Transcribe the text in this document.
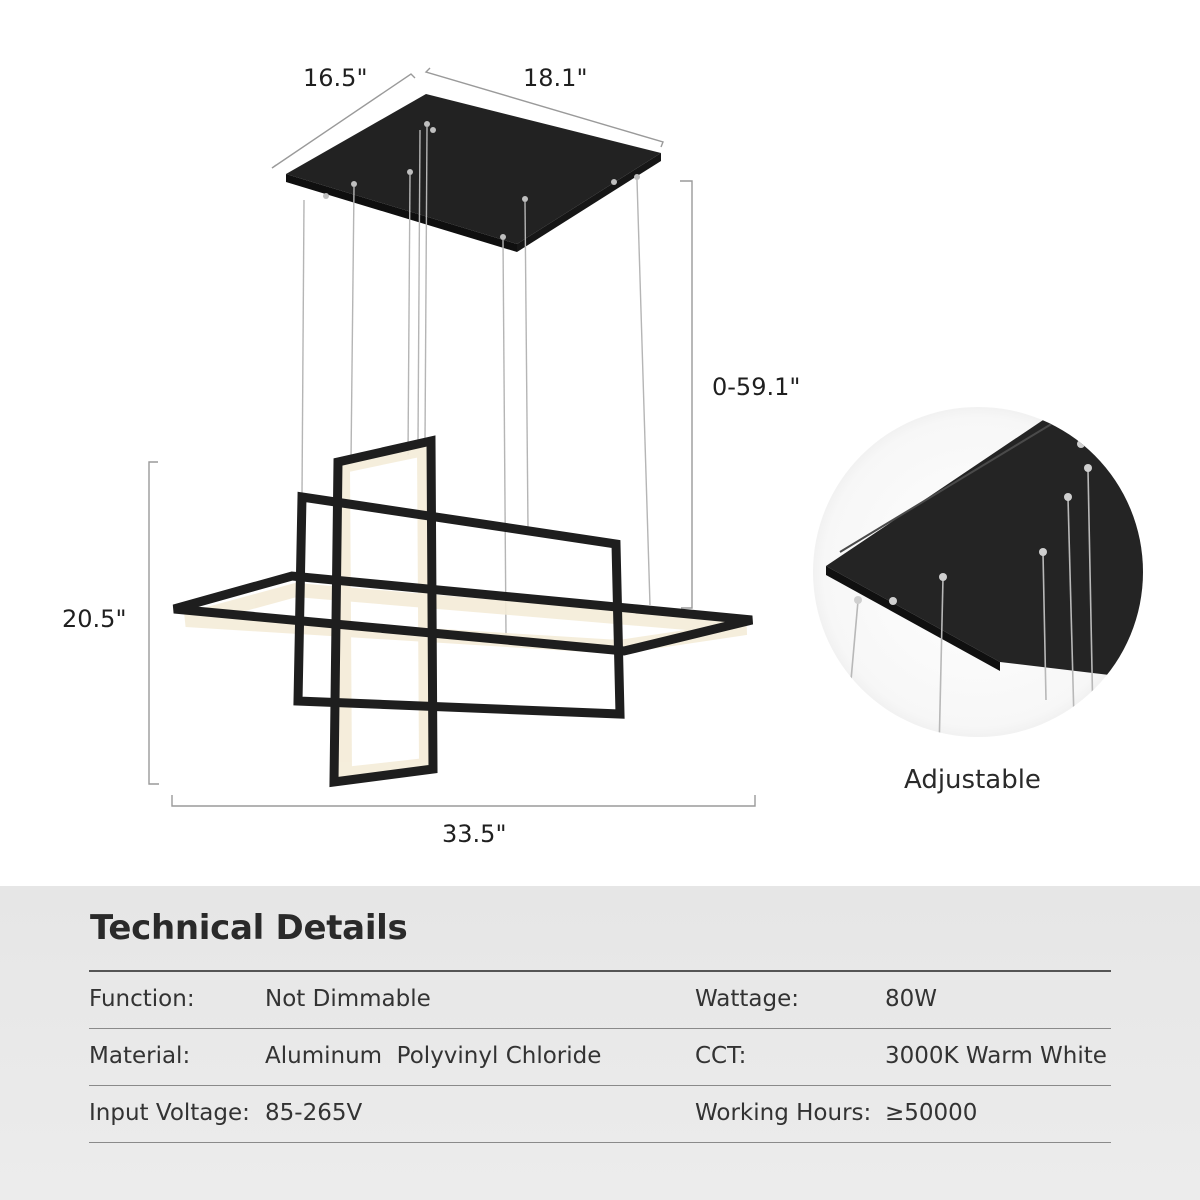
16.5"	18.1"
0-59.1"
20.5"
33.5"
Adjustable
Technical Details
Function:	Not Dimmable	Wattage:	80W
Material:	Aluminum  Polyvinyl Chloride	CCT:	3000K Warm White
Input Voltage: 85-265V	Working Hours: ≥50000
